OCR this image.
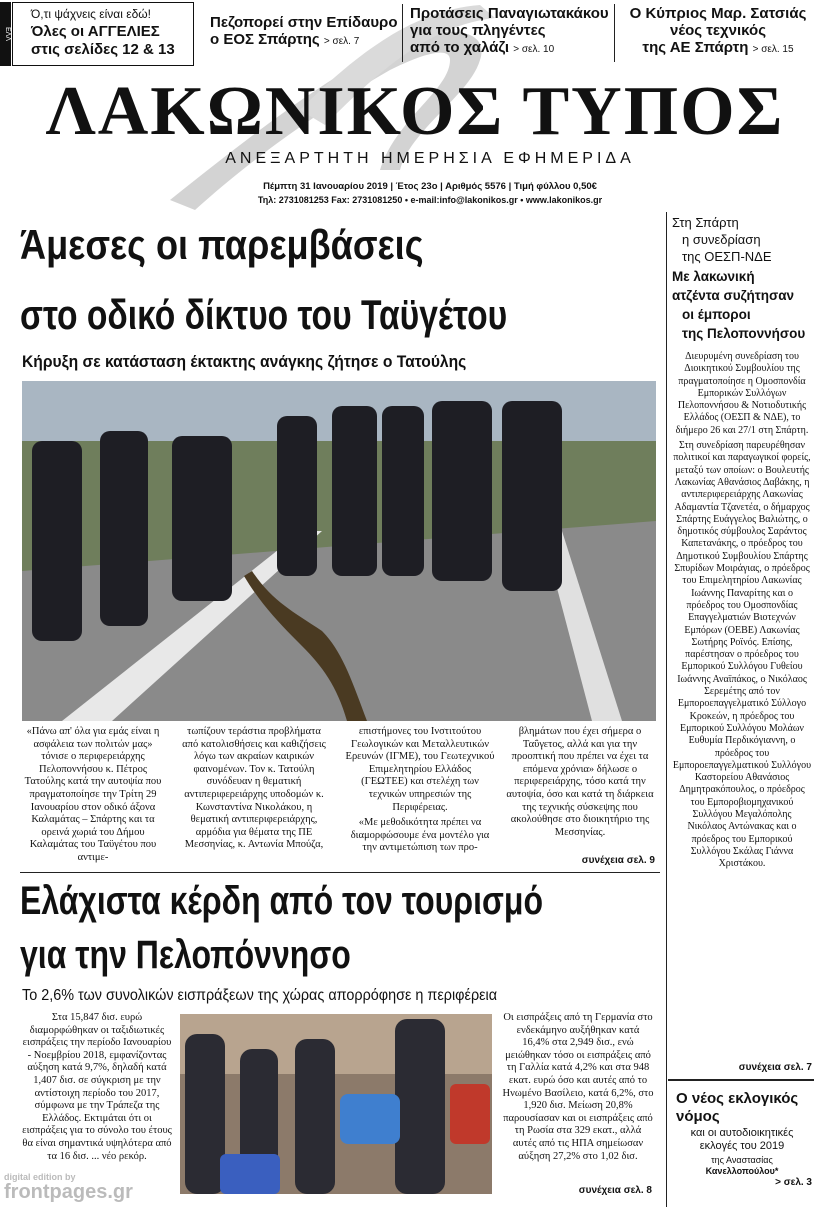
Ό,τι ψάχνεις είναι εδώ!
Όλες οι ΑΓΓΕΛΙΕΣ
στις σελίδες 12 & 13
ΕΛΛ
Πεζοπορεί στην Επίδαυρο
ο ΕΟΣ Σπάρτης > σελ. 7
Προτάσεις Παναγιωτακάκου
για τους πληγέντες
από το χαλάζι > σελ. 10
Ο Κύπριος Μαρ. Σατσιάς
νέος τεχνικός
της ΑΕ Σπάρτη > σελ. 15
ΛΑΚΩΝΙΚΟΣ ΤΥΠΟΣ
ΑΝΕΞΑΡΤΗΤΗ ΗΜΕΡΗΣΙΑ ΕΦΗΜΕΡΙΔΑ
Πέμπτη 31 Ιανουαρίου 2019 | Έτος 23ο | Αριθμός 5576 | Τιμή φύλλου 0,50€
Τηλ: 2731081253 Fax: 2731081250 • e-mail:info@lakonikos.gr • www.lakonikos.gr
Άμεσες οι παρεμβάσεις
στο οδικό δίκτυο του Ταϋγέτου
Κήρυξη σε κατάσταση έκτακτης ανάγκης ζήτησε ο Τατούλης
«Πάνω απ' όλα για εμάς είναι η ασφάλεια των πολιτών μας» τόνισε ο περιφερειάρχης Πελοποννήσου κ. Πέτρος Τατούλης κατά την αυτοψία που πραγματοποίησε την Τρίτη 29 Ιανουαρίου στον οδικό άξονα Καλαμάτας – Σπάρτης και τα ορεινά χωριά του Δήμου Καλαμάτας του Ταϋγέτου που αντιμε-
τωπίζουν τεράστια προβλήματα από κατολισθήσεις και καθιζήσεις λόγω των ακραίων καιρικών φαινομένων. Τον κ. Τατούλη συνόδευαν η θεματική αντιπεριφερειάρχης υποδομών κ. Κωνσταντίνα Νικολάκου, η θεματική αντιπεριφερειάρχης, αρμόδια για θέματα της ΠΕ Μεσσηνίας, κ. Αντωνία Μπούζα,

επιστήμονες του Ινστιτούτου Γεωλογικών και Μεταλλευτικών Ερευνών (ΙΓΜΕ), του Γεωτεχνικού Επιμελητηρίου Ελλάδος (ΓΕΩΤΕΕ) και στελέχη των τεχνικών υπηρεσιών της Περιφέρειας.

«Με μεθοδικότητα πρέπει να διαμορφώσουμε ένα μοντέλο για την αντιμετώπιση των προ-

βλημάτων που έχει σήμερα ο Ταΰγετος, αλλά και για την προοπτική που πρέπει να έχει τα επόμενα χρόνια» δήλωσε ο περιφερειάρχης, τόσο κατά την αυτοψία, όσο και κατά τη διάρκεια της τεχνικής σύσκεψης που ακολούθησε στο διοικητήριο της Μεσσηνίας.
συνέχεια σελ. 9
Ελάχιστα κέρδη από τον τουρισμό
για την Πελοπόννησο
Το 2,6% των συνολικών εισπράξεων της χώρας απορρόφησε η περιφέρεια
Στα 15,847 δισ. ευρώ διαμορφώθηκαν οι ταξιδιωτικές εισπράξεις την περίοδο Ιανουαρίου - Νοεμβρίου 2018, εμφανίζοντας αύξηση κατά 9,7%, δηλαδή κατά 1,407 δισ. σε σύγκριση με την αντίστοιχη περίοδο του 2017, σύμφωνα με την Τράπεζα της Ελλάδος. Εκτιμάται ότι οι εισπράξεις για το σύνολο του έτους θα είναι σημαντικά υψηλότερα από τα 16 δισ. ... νέο ρεκόρ.
Οι εισπράξεις από τη Γερμανία στο ενδεκάμηνο αυξήθηκαν κατά 16,4% στα 2,949 δισ., ενώ μειώθηκαν τόσο οι εισπράξεις από τη Γαλλία κατά 4,2% και στα 948 εκατ. ευρώ όσο και αυτές από το Ηνωμένο Βασίλειο, κατά 6,2%, στο 1,920 δισ. Μείωση 20,8% παρουσίασαν και οι εισπράξεις από τη Ρωσία στα 329 εκατ., αλλά αυτές από τις ΗΠΑ σημείωσαν αύξηση 27,2% στο 1,02 δισ.
συνέχεια σελ. 8
Στη Σπάρτη
η συνεδρίαση
της ΟΕΣΠ-ΝΔΕ
Με λακωνική
ατζέντα συζήτησαν
οι έμποροι
της Πελοποννήσου

Διευρυμένη συνεδρίαση του Διοικητικού Συμβουλίου της πραγματοποίησε η Ομοσπονδία Εμπορικών Συλλόγων Πελοποννήσου & Νοτιοδυτικής Ελλάδος (ΟΕΣΠ & ΝΔΕ), το διήμερο 26 και 27/1 στη Σπάρτη.

Στη συνεδρίαση παρευρέθησαν πολιτικοί και παραγωγικοί φορείς, μεταξύ των οποίων: ο Βουλευτής Λακωνίας Αθανάσιος Δαβάκης, η αντιπεριφερειάρχης Λακωνίας Αδαμαντία Τζανετέα, ο δήμαρχος Σπάρτης Ευάγγελος Βαλιώτης, ο δημοτικός σύμβουλος Σαράντος Καπετανάκης, ο πρόεδρος του Δημοτικού Συμβουλίου Σπάρτης Σπυρίδων Μοιράγιας, ο πρόεδρος του Επιμελητηρίου Λακωνίας Ιωάννης Παναρίτης και ο πρόεδρος του Ομοσπονδίας Επαγγελματιών Βιοτεχνών Εμπόρων (ΟΕΒΕ) Λακωνίας Σωτήρης Ροϊνός. Επίσης, παρέστησαν ο πρόεδρος του Εμπορικού Συλλόγου Γυθείου Ιωάννης Αναϊπάκος, ο Νικόλαος Σερεμέτης από τον Εμποροεπαγγελματικό Σύλλογο Κροκεών, η πρόεδρος του Εμπορικού Συλλόγου Μολάων Ευθυμία Περδικόγιαννη, ο πρόεδρος του Εμποροεπαγγελματικού Συλλόγου Καστορείου Αθανάσιος Δημητρακόπουλος, ο πρόεδρος του Εμποροβιομηχανικού Συλλόγου Μεγαλόπολης Νικόλαος Αντώνακας και ο πρόεδρος του Εμπορικού Συλλόγου Σκάλας Γιάννα Χριστάκου.

συνέχεια σελ. 7
Ο νέος εκλογικός
νόμος
και οι αυτοδιοικητικές
εκλογές του 2019
της Αναστασίας
Κανελλοπούλου*
> σελ. 3
digital edition by
frontpages.gr
